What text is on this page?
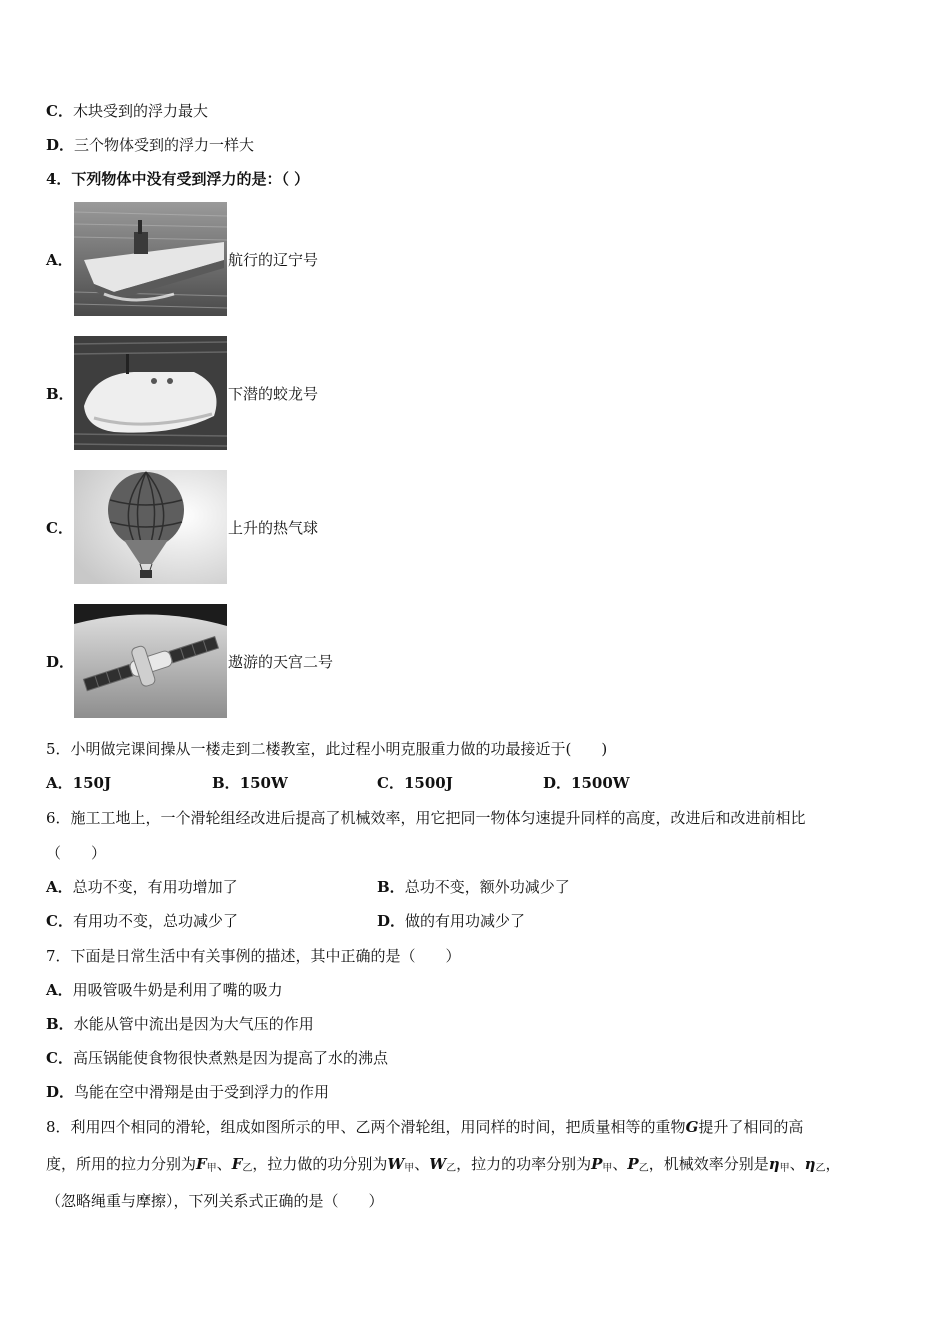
C．木块受到的浮力最大
D．三个物体受到的浮力一样大
4．下列物体中没有受到浮力的是：（ ）
A．	航行的辽宁号
B．	下潜的蛟龙号
C．	上升的热气球
D．	遨游的天宫二号
5．小明做完课间操从一楼走到二楼教室，此过程小明克服重力做的功最接近于(　　)
A．150J	B．150W	C．1500J	D．1500W
6．施工工地上，一个滑轮组经改进后提高了机械效率，用它把同一物体匀速提升同样的高度，改进后和改进前相比
（　　）
A．总功不变，有用功增加了	B．总功不变，额外功减少了
C．有用功不变，总功减少了	D．做的有用功减少了
7．下面是日常生活中有关事例的描述，其中正确的是（　　）
A．用吸管吸牛奶是利用了嘴的吸力
B．水能从管中流出是因为大气压的作用
C．高压锅能使食物很快煮熟是因为提高了水的沸点
D．鸟能在空中滑翔是由于受到浮力的作用
8．利用四个相同的滑轮，组成如图所示的甲、乙两个滑轮组，用同样的时间，把质量相等的重物G提升了相同的高
度，所用的拉力分别为$F_甲$、$F_乙$，拉力做的功分别为$W_甲$、$W_乙$，拉力的功率分别为$P_甲$、$P_乙$，机械效率分别是$\eta_甲$、$\eta_乙$，
（忽略绳重与摩擦），下列关系式正确的是（　　）
